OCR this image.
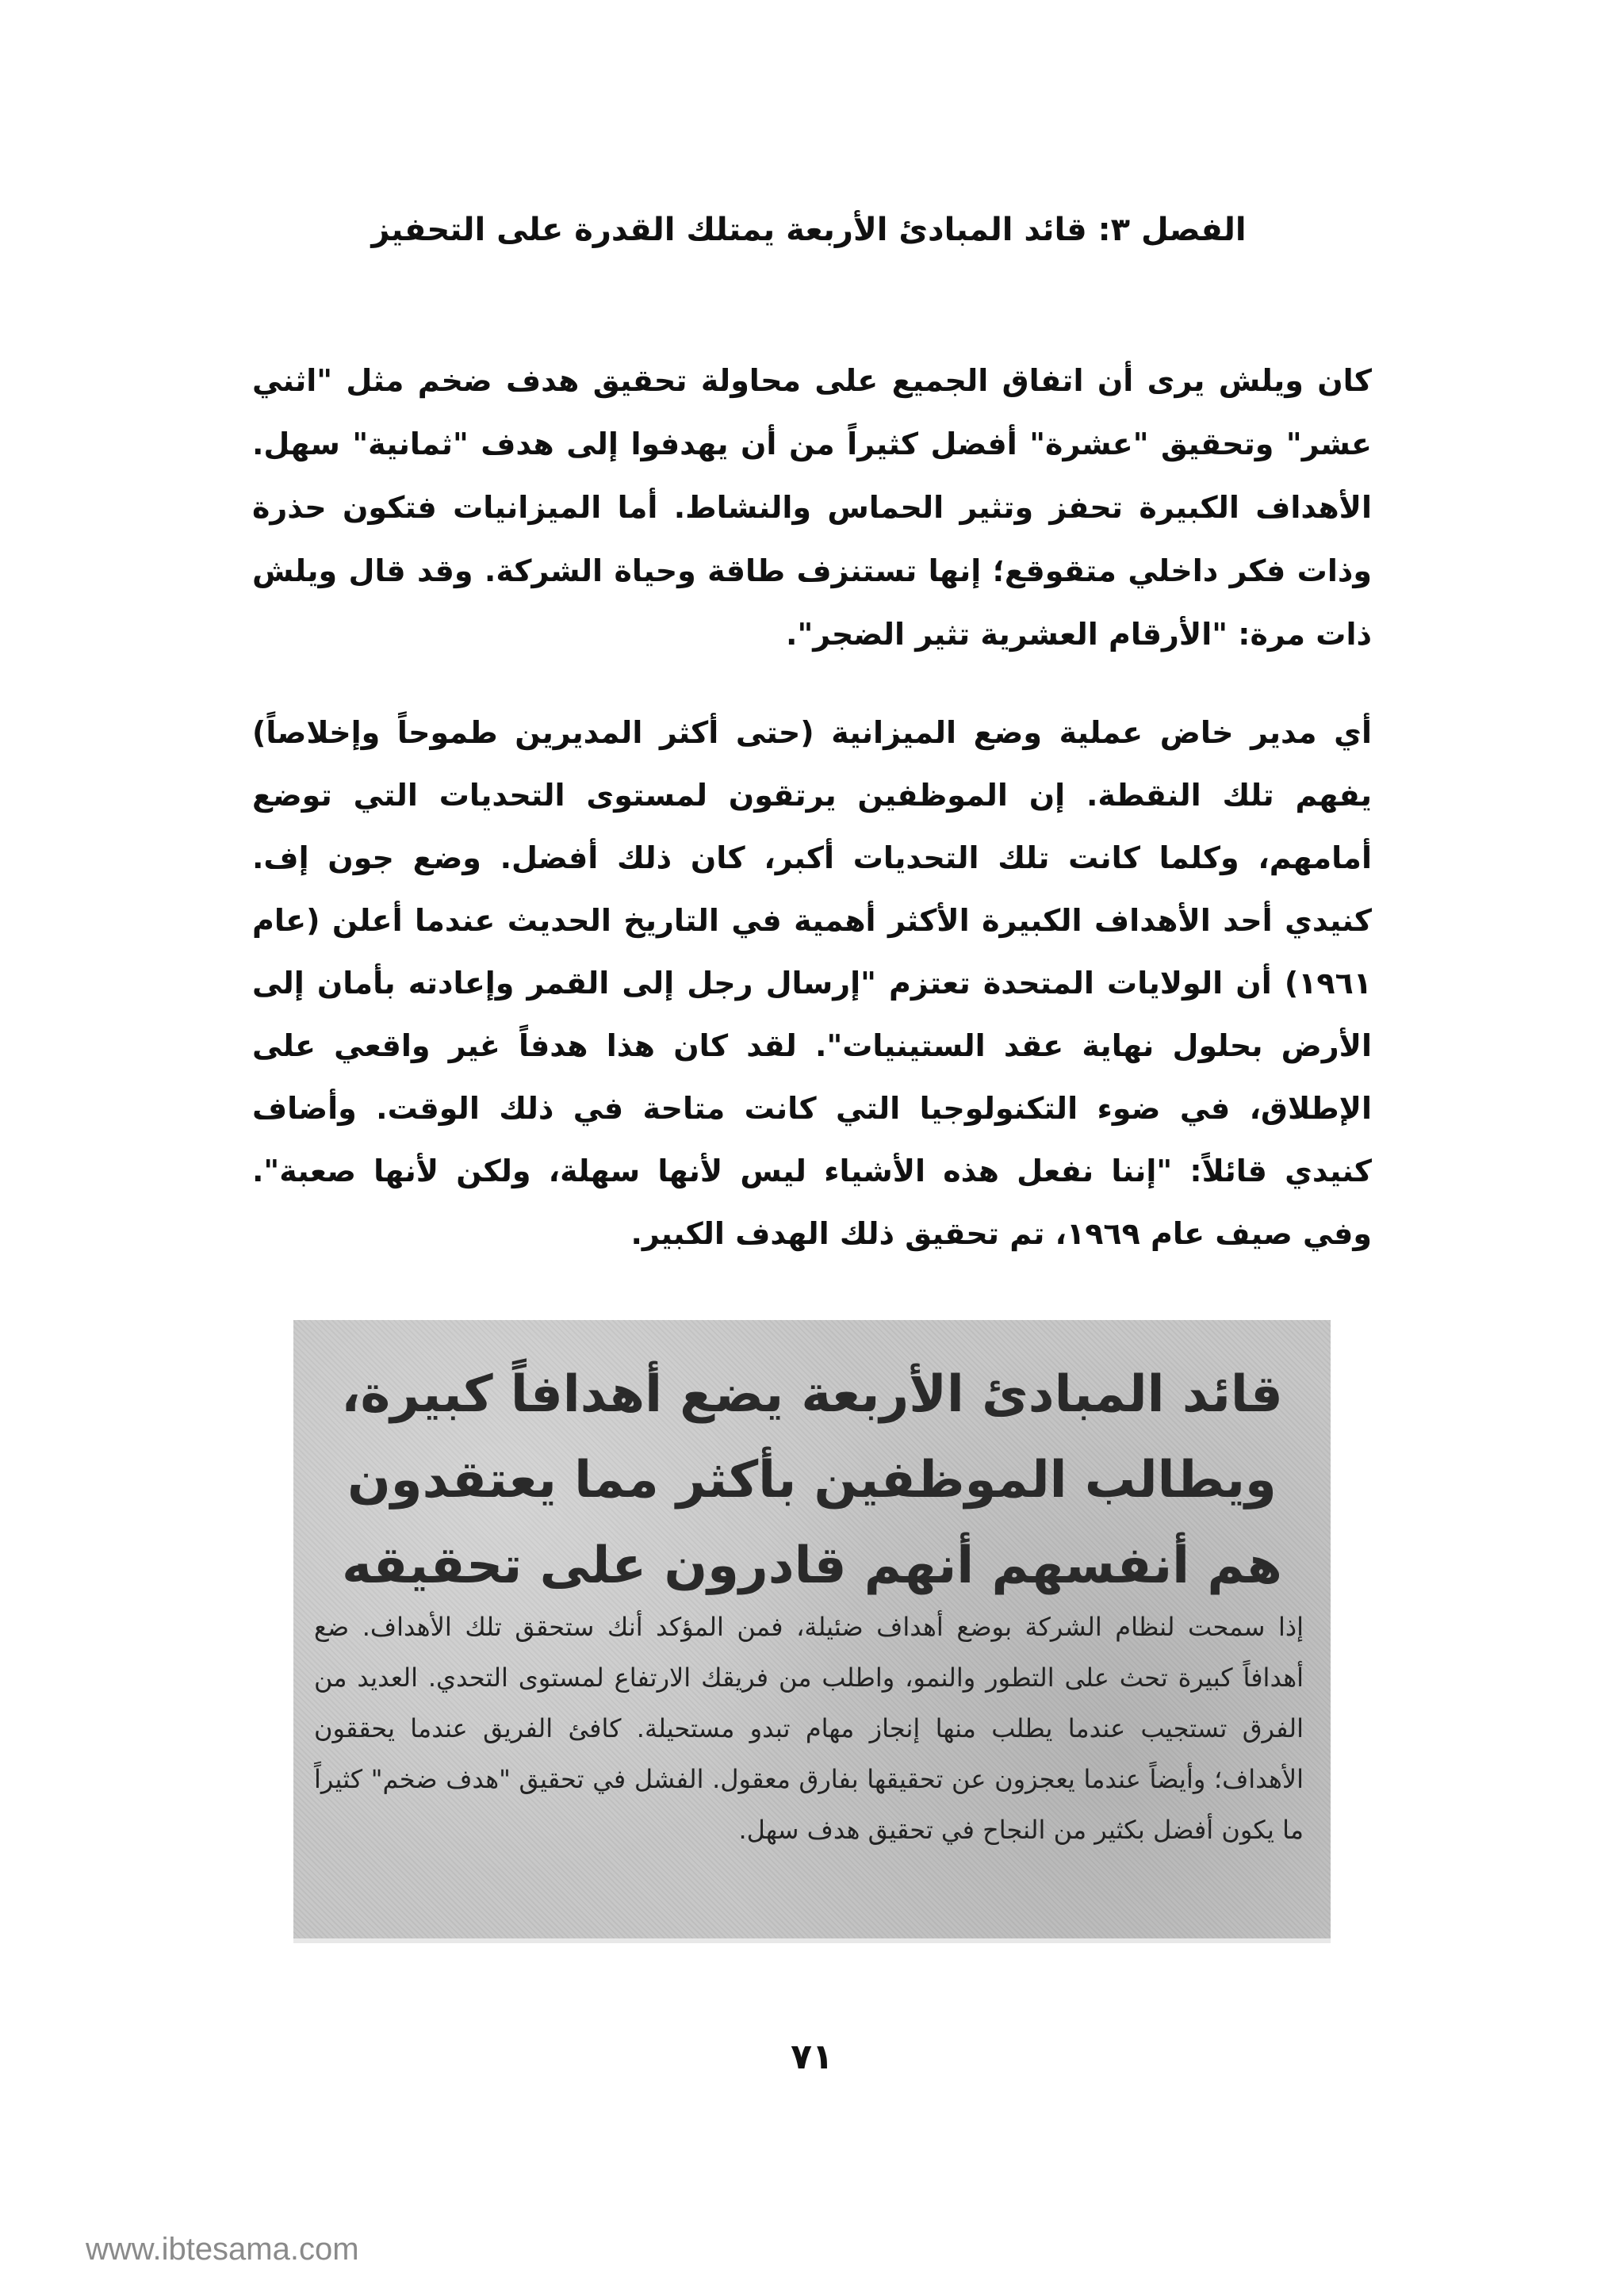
الفصل ٣: قائد المبادئ الأربعة يمتلك القدرة على التحفيز

كان ويلش يرى أن اتفاق الجميع على محاولة تحقيق هدف ضخم مثل "اثني عشر" وتحقيق "عشرة" أفضل كثيراً من أن يهدفوا إلى هدف "ثمانية" سهل. الأهداف الكبيرة تحفز وتثير الحماس والنشاط. أما الميزانيات فتكون حذرة وذات فكر داخلي متقوقع؛ إنها تستنزف طاقة وحياة الشركة. وقد قال ويلش ذات مرة: "الأرقام العشرية تثير الضجر".

أي مدير خاض عملية وضع الميزانية (حتى أكثر المديرين طموحاً وإخلاصاً) يفهم تلك النقطة. إن الموظفين يرتقون لمستوى التحديات التي توضع أمامهم، وكلما كانت تلك التحديات أكبر، كان ذلك أفضل. وضع جون إف. كنيدي أحد الأهداف الكبيرة الأكثر أهمية في التاريخ الحديث عندما أعلن (عام ١٩٦١) أن الولايات المتحدة تعتزم "إرسال رجل إلى القمر وإعادته بأمان إلى الأرض بحلول نهاية عقد الستينيات". لقد كان هذا هدفاً غير واقعي على الإطلاق، في ضوء التكنولوجيا التي كانت متاحة في ذلك الوقت. وأضاف كنيدي قائلاً: "إننا نفعل هذه الأشياء ليس لأنها سهلة، ولكن لأنها صعبة". وفي صيف عام ١٩٦٩، تم تحقيق ذلك الهدف الكبير.

قائد المبادئ الأربعة يضع أهدافاً كبيرة، ويطالب الموظفين بأكثر مما يعتقدون هم أنفسهم أنهم قادرون على تحقيقه

إذا سمحت لنظام الشركة بوضع أهداف ضئيلة، فمن المؤكد أنك ستحقق تلك الأهداف. ضع أهدافاً كبيرة تحث على التطور والنمو، واطلب من فريقك الارتفاع لمستوى التحدي. العديد من الفرق تستجيب عندما يطلب منها إنجاز مهام تبدو مستحيلة. كافئ الفريق عندما يحققون الأهداف؛ وأيضاً عندما يعجزون عن تحقيقها بفارق معقول. الفشل في تحقيق "هدف ضخم" كثيراً ما يكون أفضل بكثير من النجاح في تحقيق هدف سهل.

٧١
www.ibtesama.com
